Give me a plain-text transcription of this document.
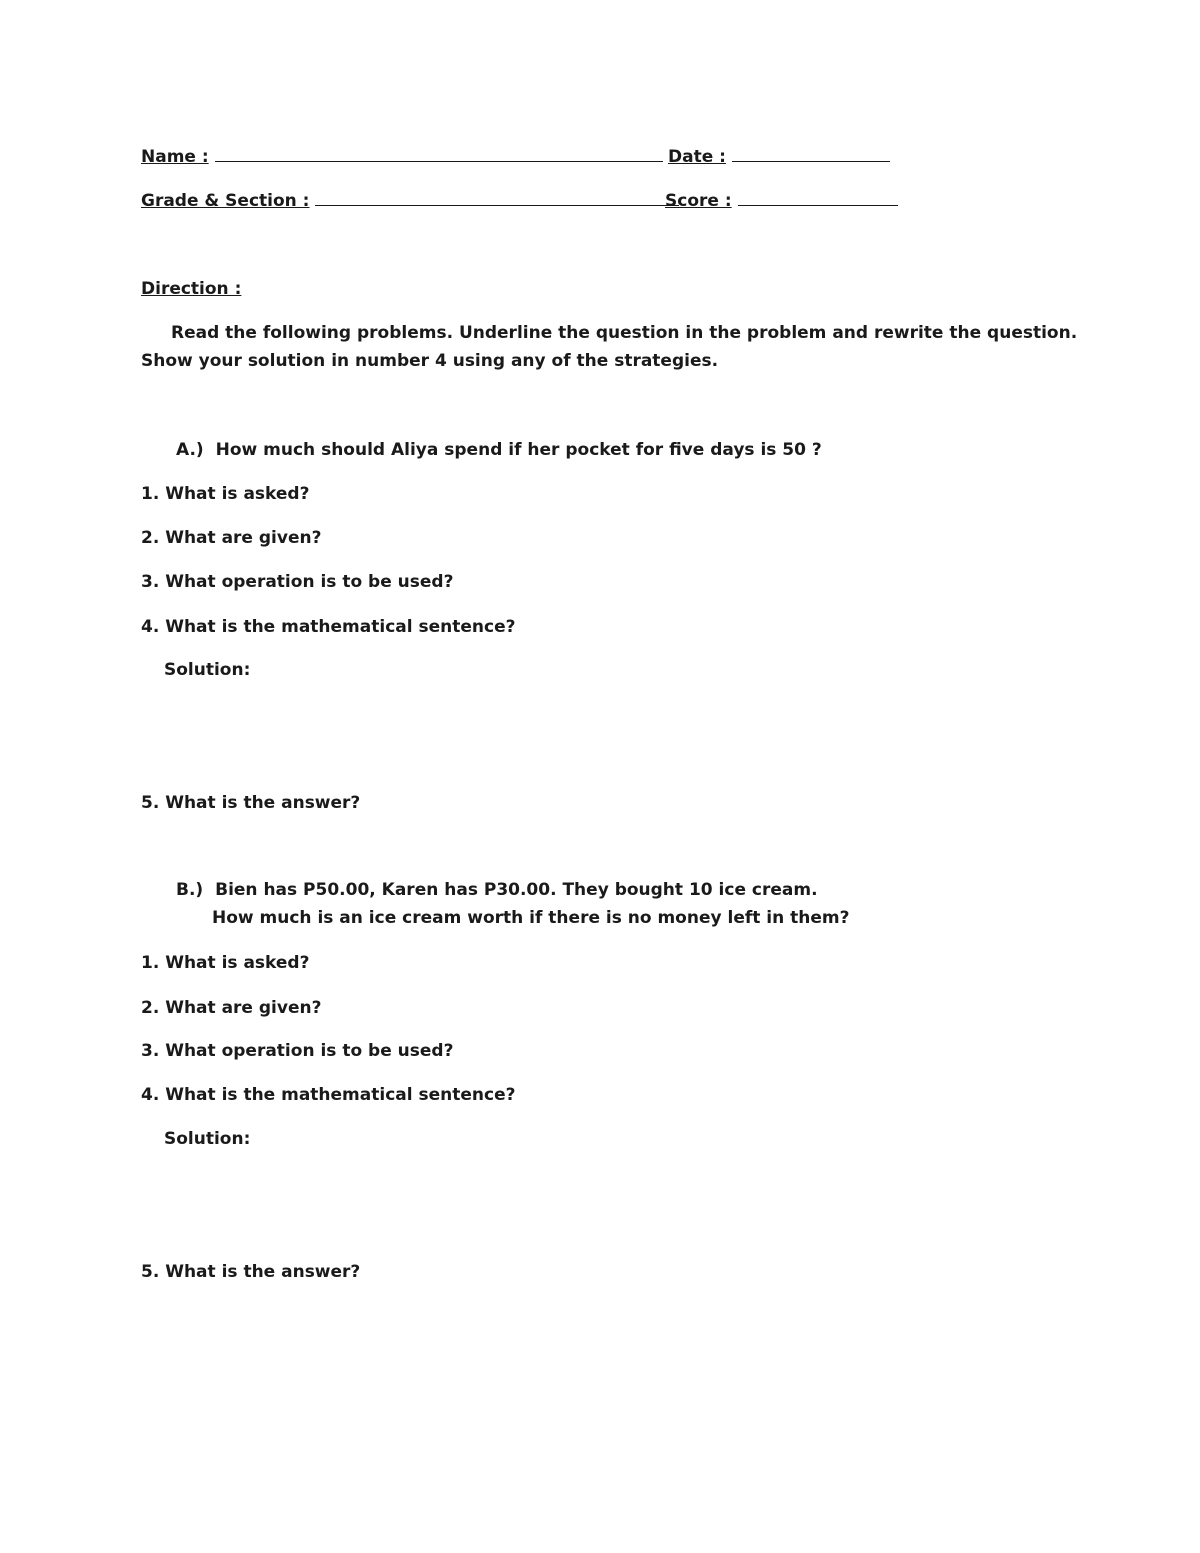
Name :	Date :
Grade & Section :	Score :
Direction :
Read the following problems. Underline the question in the problem and rewrite the question.
Show your solution in number 4 using any of the strategies.
A.) How much should Aliya spend if her pocket for five days is 50 ?
1. What is asked?
2. What are given?
3. What operation is to be used?
4. What is the mathematical sentence?
Solution:
5. What is the answer?
B.) Bien has P50.00, Karen has P30.00. They bought 10 ice cream.
How much is an ice cream worth if there is no money left in them?
1. What is asked?
2. What are given?
3. What operation is to be used?
4. What is the mathematical sentence?
Solution:
5. What is the answer?
